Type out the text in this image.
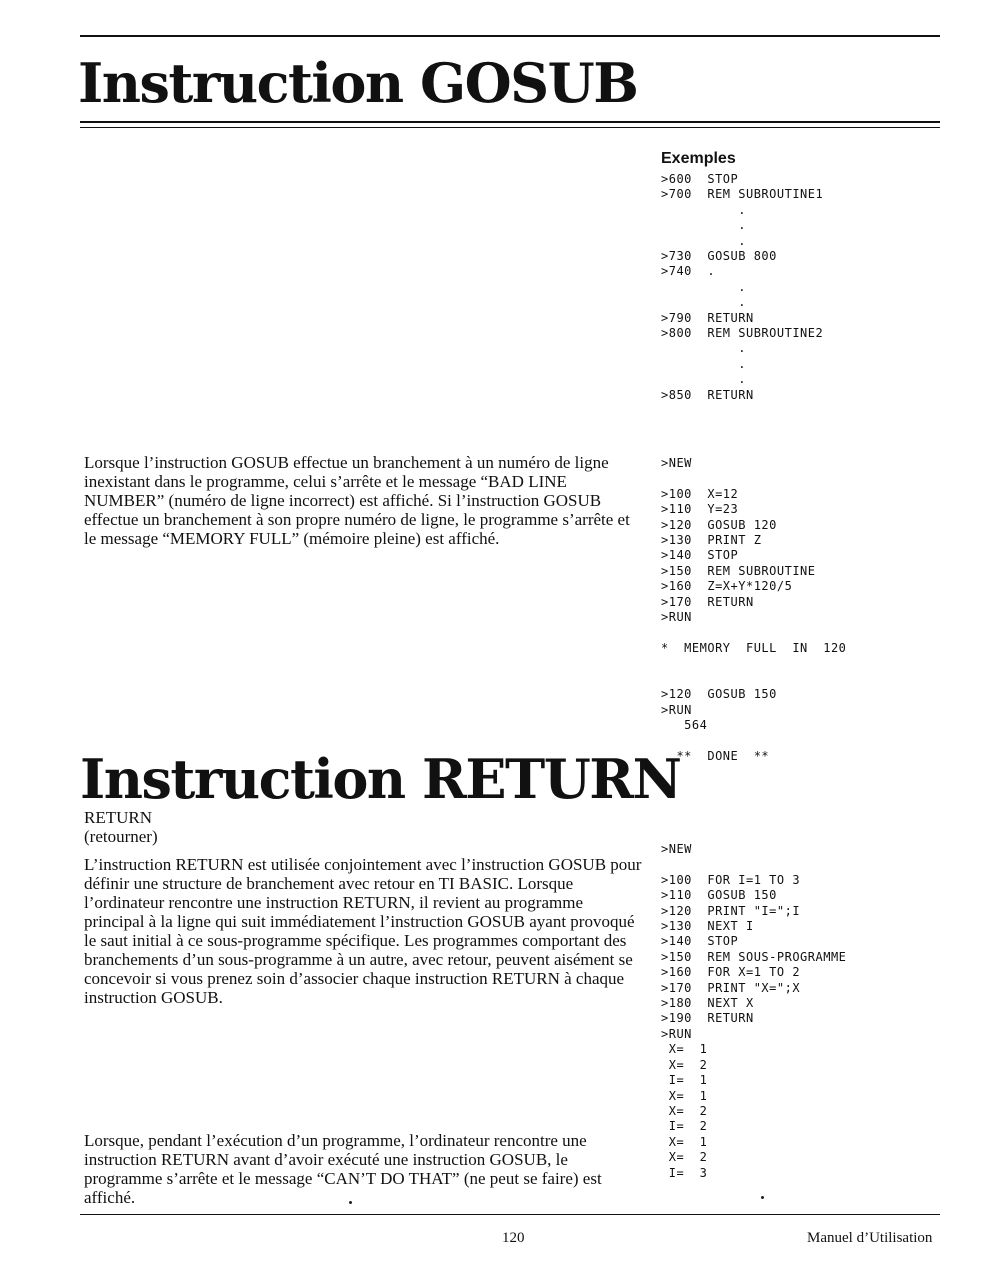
Instruction GOSUB
Exemples
>600  STOP
>700  REM SUBROUTINE1
.
.
.
>730  GOSUB 800
>740  .
.
.
>790  RETURN
>800  REM SUBROUTINE2
.
.
.
>850  RETURN

Lorsque l’instruction GOSUB effectue un branchement à un numéro de ligne inexistant dans le programme, celui s’arrête et le message “BAD LINE NUMBER” (numéro de ligne incorrect) est affiché. Si l’instruction GOSUB effectue un branchement à son propre numéro de ligne, le programme s’arrête et le message “MEMORY FULL” (mémoire pleine) est affiché.

>NEW

>100  X=12
>110  Y=23
>120  GOSUB 120
>130  PRINT Z
>140  STOP
>150  REM SUBROUTINE
>160  Z=X+Y*120/5
>170  RETURN
>RUN

*  MEMORY  FULL  IN  120

>120  GOSUB 150
>RUN
564

**  DONE  **
Instruction RETURN
RETURN
(retourner)

L’instruction RETURN est utilisée conjointement avec l’instruction GOSUB pour définir une structure de branchement avec retour en TI BASIC. Lorsque l’ordinateur rencontre une instruction RETURN, il revient au programme principal à la ligne qui suit immédiatement l’instruction GOSUB ayant provoqué le saut initial à ce sous-programme spécifique. Les programmes comportant des branchements d’un sous-programme à un autre, avec retour, peuvent aisément se concevoir si vous prenez soin d’associer chaque instruction RETURN à chaque instruction GOSUB.

Lorsque, pendant l’exécution d’un programme, l’ordinateur rencontre une instruction RETURN avant d’avoir exécuté une instruction GOSUB, le programme s’arrête et le message “CAN’T DO THAT” (ne peut se faire) est affiché.

>NEW

>100  FOR I=1 TO 3
>110  GOSUB 150
>120  PRINT "I=";I
>130  NEXT I
>140  STOP
>150  REM SOUS-PROGRAMME
>160  FOR X=1 TO 2
>170  PRINT "X=";X
>180  NEXT X
>190  RETURN
>RUN
X=  1
X=  2
I=  1
X=  1
X=  2
I=  2
X=  1
X=  2
I=  3
120	Manuel d’Utilisation
